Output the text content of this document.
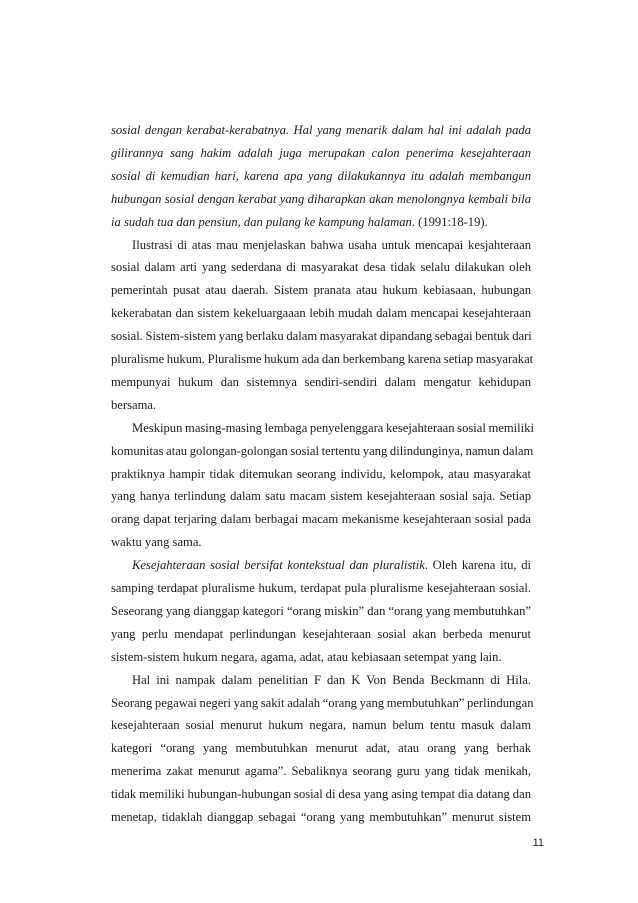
sosial dengan kerabat-kerabatnya. Hal yang menarik dalam hal ini adalah pada
gilirannya sang hakim adalah juga merupakan calon penerima kesejahteraan
sosial di kemudian hari, karena apa yang dilakukannya itu adalah membangun
hubungan sosial dengan kerabat yang diharapkan akan menolongnya kembali bila
ia sudah tua dan pensiun, dan pulang ke kampung halaman. (1991:18-19).
Ilustrasi di atas mau menjelaskan bahwa usaha untuk mencapai kesjahteraan
sosial dalam arti yang sederdana di masyarakat desa tidak selalu dilakukan oleh
pemerintah pusat atau daerah. Sistem pranata atau hukum kebiasaan, hubungan
kekerabatan dan sistem kekeluargaaan lebih mudah dalam mencapai kesejahteraan
sosial. Sistem-sistem yang berlaku dalam masyarakat dipandang sebagai bentuk dari
pluralisme hukum. Pluralisme hukum ada dan berkembang karena setiap masyarakat
mempunyai hukum dan sistemnya sendiri-sendiri dalam mengatur kehidupan
bersama.
Meskipun masing-masing lembaga penyelenggara kesejahteraan sosial memiliki
komunitas atau golongan-golongan sosial tertentu yang dilindunginya, namun dalam
praktiknya hampir tidak ditemukan seorang individu, kelompok, atau masyarakat
yang hanya terlindung dalam satu macam sistem kesejahteraan sosial saja. Setiap
orang dapat terjaring dalam berbagai macam mekanisme kesejahteraan sosial pada
waktu yang sama.
Kesejahteraan sosial bersifat kontekstual dan pluralistik. Oleh karena itu, di
samping terdapat pluralisme hukum, terdapat pula pluralisme kesejahteraan sosial.
Seseorang yang dianggap kategori “orang miskin” dan “orang yang membutuhkan”
yang perlu mendapat perlindungan kesejahteraan sosial akan berbeda menurut
sistem-sistem hukum negara, agama, adat, atau kebiasaan setempat yang lain.
Hal ini nampak dalam penelitian F dan K Von Benda Beckmann di Hila.
Seorang pegawai negeri yang sakit adalah “orang yang membutuhkan” perlindungan
kesejahteraan sosial menurut hukum negara, namun belum tentu masuk dalam
kategori “orang yang membutuhkan menurut adat, atau orang yang berhak
menerima zakat menurut agama”. Sebaliknya seorang guru yang tidak menikah,
tidak memiliki hubungan-hubungan sosial di desa yang asing tempat dia datang dan
menetap, tidaklah dianggap sebagai “orang yang membutuhkan” menurut sistem
11
